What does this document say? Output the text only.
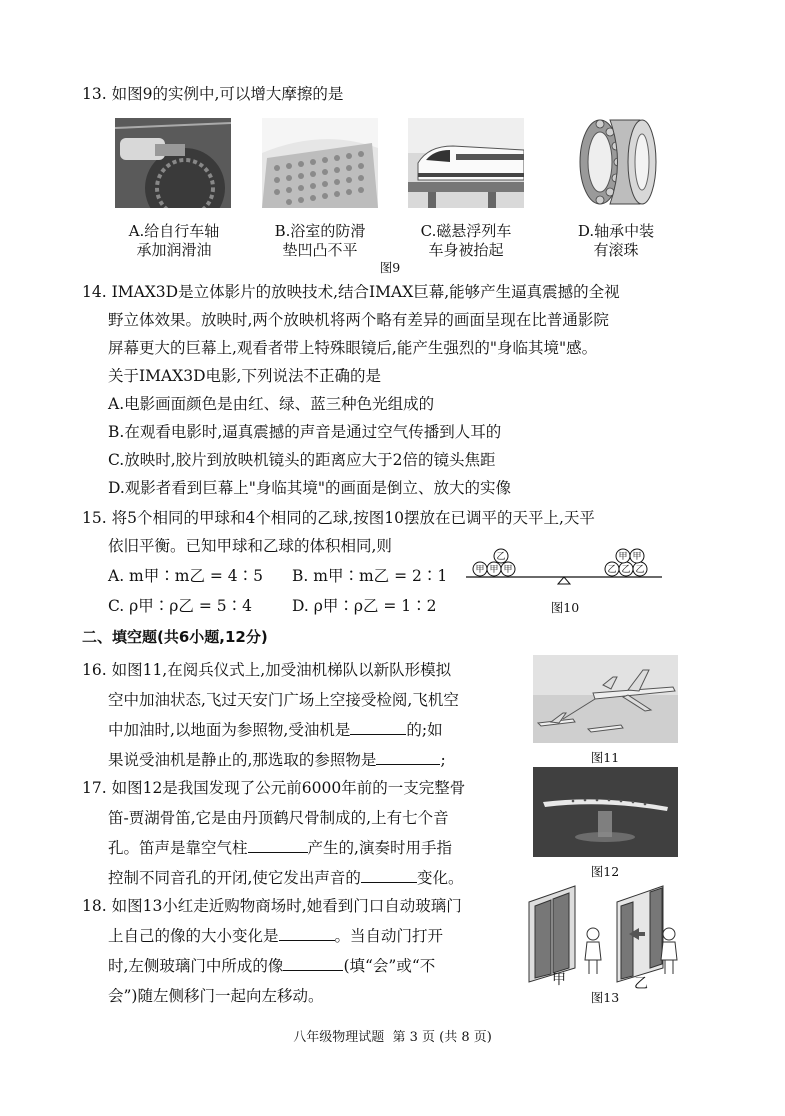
13. 如图9的实例中,可以增大摩擦的是
A.给自行车轴
承加润滑油
B.浴室的防滑
垫凹凸不平
C.磁悬浮列车
车身被抬起
D.轴承中装
有滚珠
图9
14. IMAX3D是立体影片的放映技术,结合IMAX巨幕,能够产生逼真震撼的全视
野立体效果。放映时,两个放映机将两个略有差异的画面呈现在比普通影院
屏幕更大的巨幕上,观看者带上特殊眼镜后,能产生强烈的"身临其境"感。
关于IMAX3D电影,下列说法不正确的是
A.电影画面颜色是由红、绿、蓝三种色光组成的
B.在观看电影时,逼真震撼的声音是通过空气传播到人耳的
C.放映时,胶片到放映机镜头的距离应大于2倍的镜头焦距
D.观影者看到巨幕上"身临其境"的画面是倒立、放大的实像
15. 将5个相同的甲球和4个相同的乙球,按图10摆放在已调平的天平上,天平
依旧平衡。已知甲球和乙球的体积相同,则
A. m甲∶m乙 = 4∶5 B. m甲∶m乙 = 2∶1
C. ρ甲∶ρ乙 = 5∶4	D. ρ甲∶ρ乙 = 1∶2
甲 甲 甲
乙
乙 乙 乙
甲 甲
图10
二、填空题(共6小题,12分)
16. 如图11,在阅兵仪式上,加受油机梯队以新队形模拟
空中加油状态,飞过天安门广场上空接受检阅,飞机空
中加油时,以地面为参照物,受油机是	的;如
果说受油机是静止的,那选取的参照物是	;	图11
17. 如图12是我国发现了公元前6000年前的一支完整骨
笛-贾湖骨笛,它是由丹顶鹤尺骨制成的,上有七个音
孔。笛声是靠空气柱	产生的,演奏时用手指
控制不同音孔的开闭,使它发出声音的	变化。	图12
18. 如图13小红走近购物商场时,她看到门口自动玻璃门
上自己的像的大小变化是	。当自动门打开
时,左侧玻璃门中所成的像	(填“会”或“不
会”)随左侧移门一起向左移动。
甲	乙
图13
八年级物理试题  第 3 页 (共 8 页)
